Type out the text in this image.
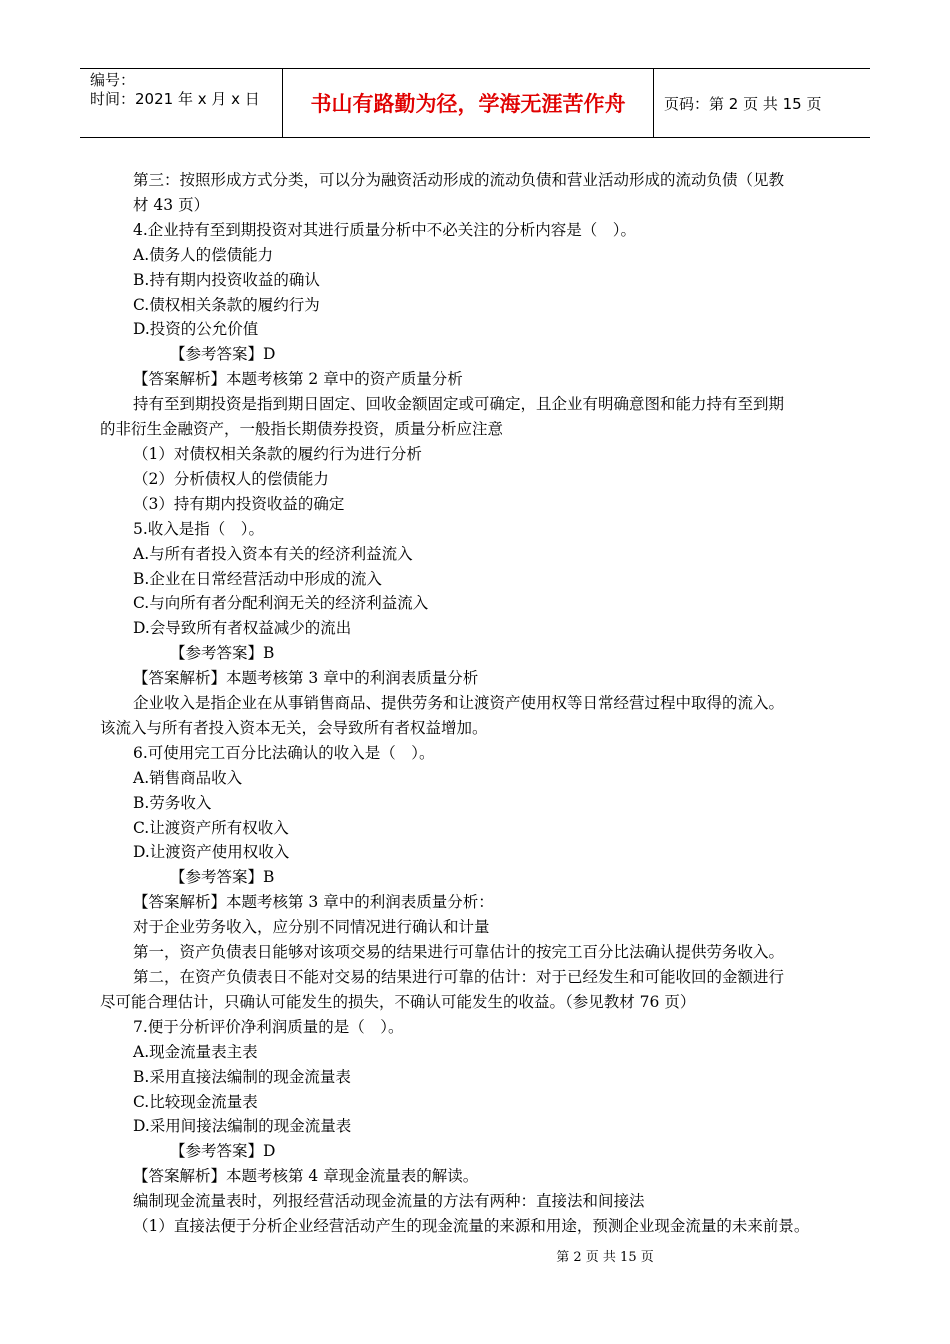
编号：
时间：2021 年 x 月 x 日	书山有路勤为径，学海无涯苦作舟	页码：第 2 页 共 15 页
第三：按照形成方式分类，可以分为融资活动形成的流动负债和营业活动形成的流动负债（见教
材 43 页）
4.企业持有至到期投资对其进行质量分析中不必关注的分析内容是（　）。
A.债务人的偿债能力
B.持有期内投资收益的确认
C.债权相关条款的履约行为
D.投资的公允价值
【参考答案】D
【答案解析】本题考核第 2 章中的资产质量分析
持有至到期投资是指到期日固定、回收金额固定或可确定，且企业有明确意图和能力持有至到期
的非衍生金融资产，一般指长期债券投资，质量分析应注意
（1）对债权相关条款的履约行为进行分析
（2）分析债权人的偿债能力
（3）持有期内投资收益的确定
5.收入是指（　）。
A.与所有者投入资本有关的经济利益流入
B.企业在日常经营活动中形成的流入
C.与向所有者分配利润无关的经济利益流入
D.会导致所有者权益减少的流出
【参考答案】B
【答案解析】本题考核第 3 章中的利润表质量分析
企业收入是指企业在从事销售商品、提供劳务和让渡资产使用权等日常经营过程中取得的流入。
该流入与所有者投入资本无关，会导致所有者权益增加。
6.可使用完工百分比法确认的收入是（　）。
A.销售商品收入
B.劳务收入
C.让渡资产所有权收入
D.让渡资产使用权收入
【参考答案】B
【答案解析】本题考核第 3 章中的利润表质量分析：
对于企业劳务收入，应分别不同情况进行确认和计量
第一，资产负债表日能够对该项交易的结果进行可靠估计的按完工百分比法确认提供劳务收入。
第二，在资产负债表日不能对交易的结果进行可靠的估计：对于已经发生和可能收回的金额进行
尽可能合理估计，只确认可能发生的损失，不确认可能发生的收益。（参见教材 76 页）
7.便于分析评价净利润质量的是（　）。
A.现金流量表主表
B.采用直接法编制的现金流量表
C.比较现金流量表
D.采用间接法编制的现金流量表
【参考答案】D
【答案解析】本题考核第 4 章现金流量表的解读。
编制现金流量表时，列报经营活动现金流量的方法有两种：直接法和间接法
（1）直接法便于分析企业经营活动产生的现金流量的来源和用途，预测企业现金流量的未来前景。
第 2 页 共 15 页
